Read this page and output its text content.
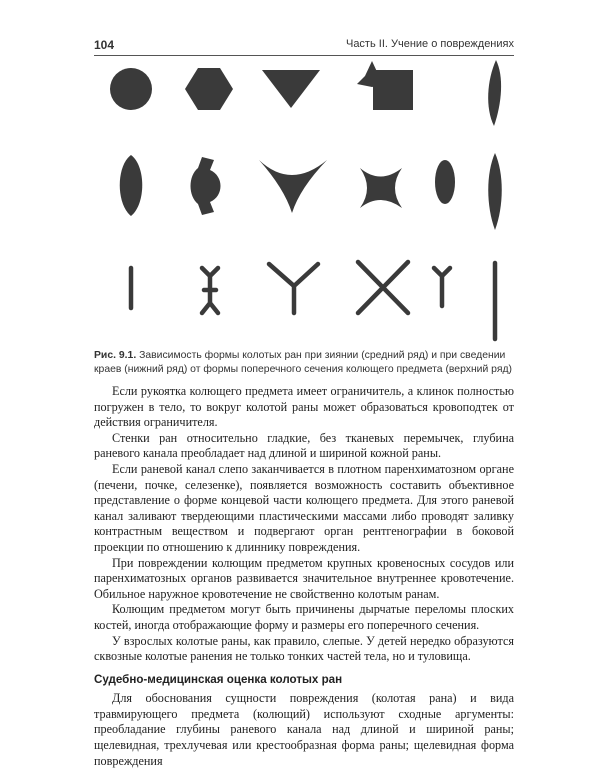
104	Часть II. Учение о повреждениях
Рис. 9.1. Зависимость формы колотых ран при зиянии (средний ряд) и при сведении краев (нижний ряд) от формы поперечного сечения колющего предмета (верхний ряд)

Если рукоятка колющего предмета имеет ограничитель, а клинок полностью погружен в тело, то вокруг колотой раны может образоваться кровоподтек от действия ограничителя.

Стенки ран относительно гладкие, без тканевых перемычек, глубина раневого канала преобладает над длиной и шириной кожной раны.

Если раневой канал слепо заканчивается в плотном паренхиматозном органе (печени, почке, селезенке), появляется возможность составить объективное представление о форме концевой части колющего предмета. Для этого раневой канал заливают твердеющими пластическими массами либо проводят заливку контрастным веществом и подвергают орган рентгенографии в боковой проекции по отношению к длиннику повреждения.

При повреждении колющим предметом крупных кровеносных сосудов или паренхиматозных органов развивается значительное внутреннее кровотечение. Обильное наружное кровотечение не свойственно колотым ранам.

Колющим предметом могут быть причинены дырчатые переломы плоских костей, иногда отображающие форму и размеры его поперечного сечения.

У взрослых колотые раны, как правило, слепые. У детей нередко образуются сквозные колотые ранения не только тонких частей тела, но и туловища.

Судебно-медицинская оценка колотых ран

Для обоснования сущности повреждения (колотая рана) и вида травмирующего предмета (колющий) используют сходные аргументы: преобладание глубины раневого канала над длиной и шириной раны; щелевидная, трехлучевая или крестообразная форма раны; щелевидная форма повреждения
